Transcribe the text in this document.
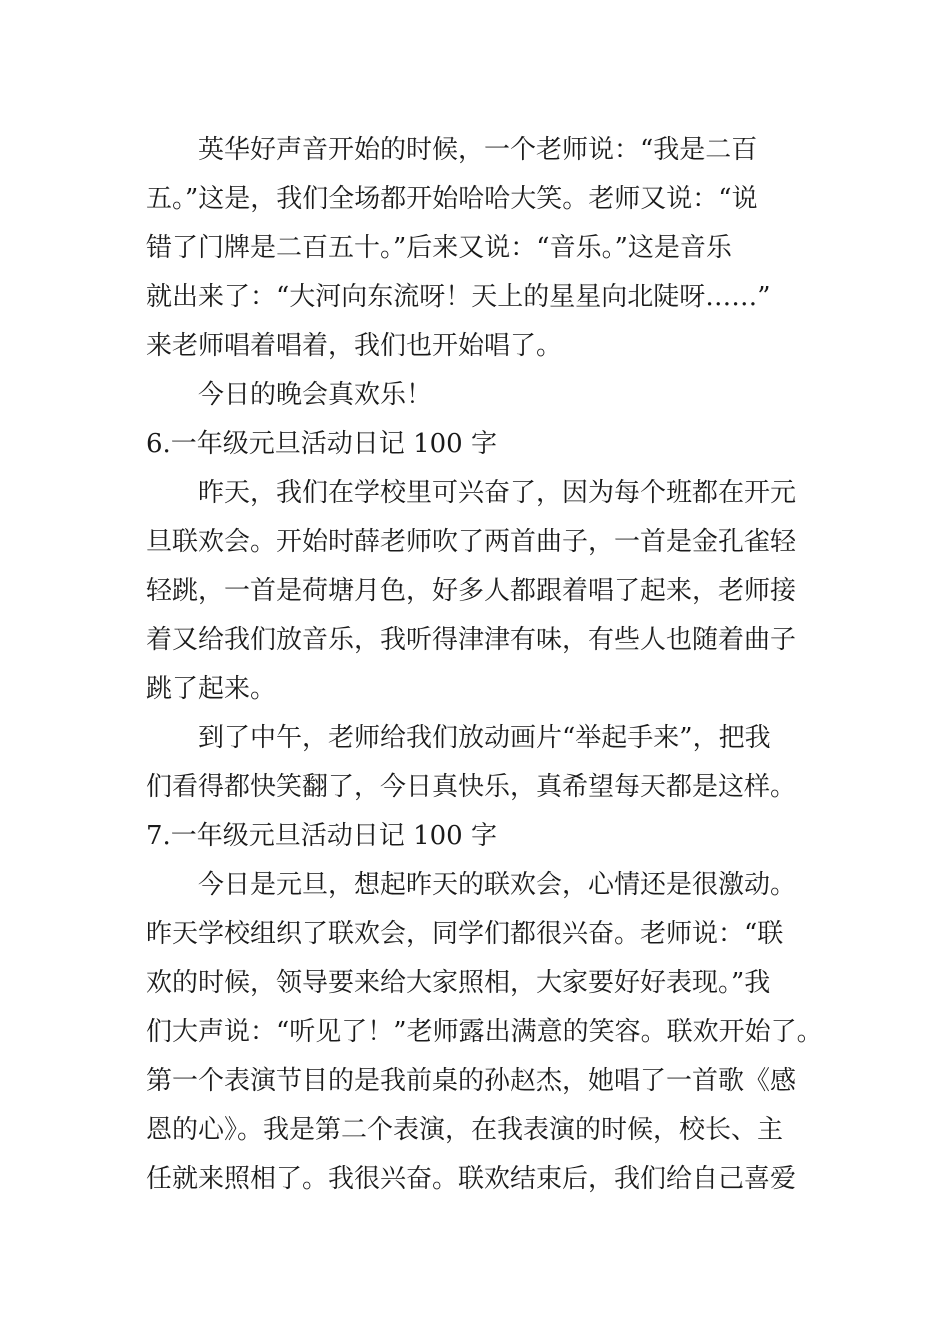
英华好声音开始的时候，一个老师说：“我是二百
五。”这是，我们全场都开始哈哈大笑。老师又说：“说
错了门牌是二百五十。”后来又说：“音乐。”这是音乐
就出来了：“大河向东流呀！天上的星星向北陡呀……”
来老师唱着唱着，我们也开始唱了。
今日的晚会真欢乐！
6.一年级元旦活动日记 100 字
昨天，我们在学校里可兴奋了，因为每个班都在开元
旦联欢会。开始时薛老师吹了两首曲子，一首是金孔雀轻
轻跳，一首是荷塘月色，好多人都跟着唱了起来，老师接
着又给我们放音乐，我听得津津有味，有些人也随着曲子
跳了起来。
到了中午，老师给我们放动画片“举起手来”，把我
们看得都快笑翻了，今日真快乐，真希望每天都是这样。
7.一年级元旦活动日记 100 字
今日是元旦，想起昨天的联欢会，心情还是很激动。
昨天学校组织了联欢会，同学们都很兴奋。老师说：“联
欢的时候，领导要来给大家照相，大家要好好表现。”我
们大声说：“听见了！”老师露出满意的笑容。联欢开始了。
第一个表演节目的是我前桌的孙赵杰，她唱了一首歌《感
恩的心》。我是第二个表演，在我表演的时候，校长、主
任就来照相了。我很兴奋。联欢结束后，我们给自己喜爱
